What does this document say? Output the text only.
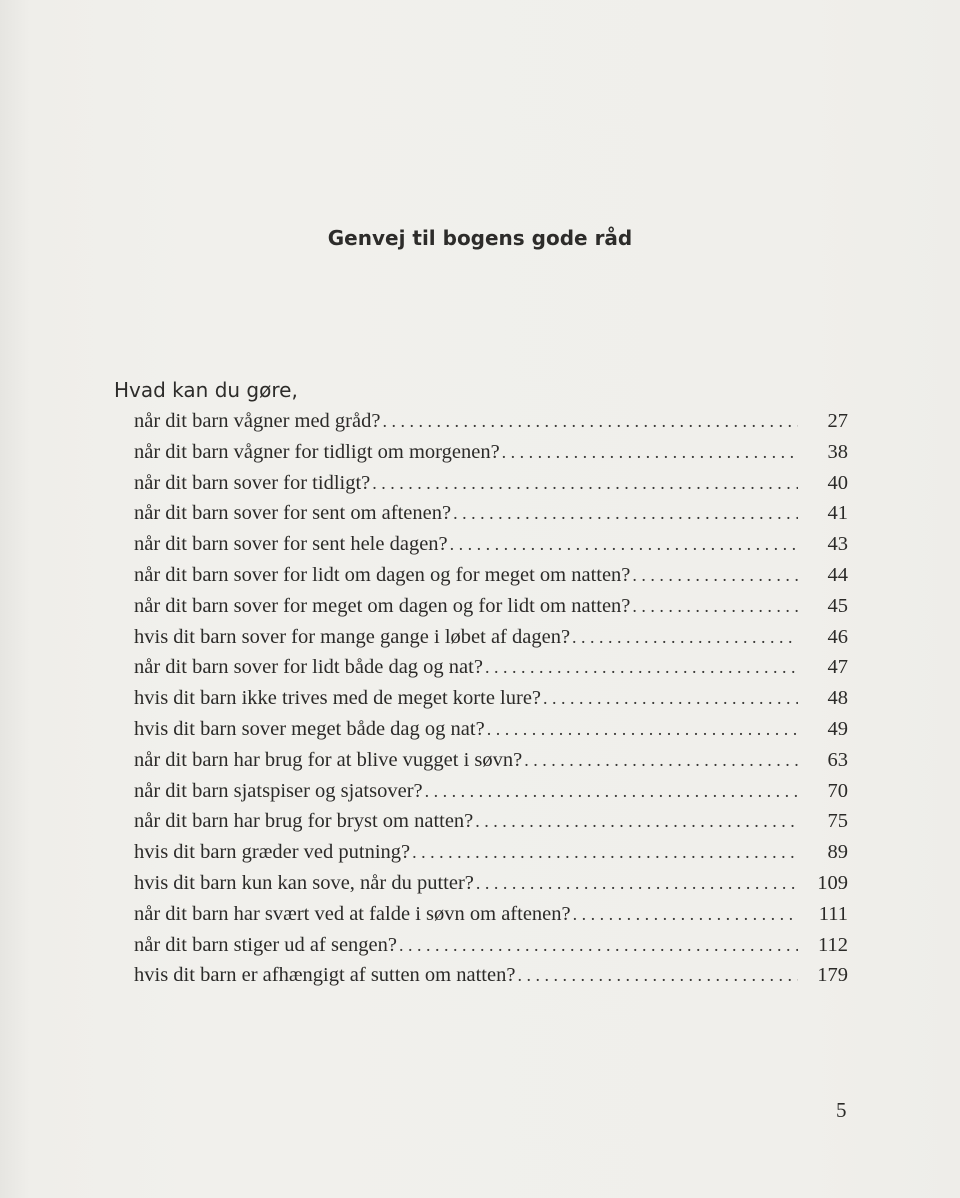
Genvej til bogens gode råd
Hvad kan du gøre,
når dit barn vågner med gråd? . . .	27
når dit barn vågner for tidligt om morgenen? . . .	38
når dit barn sover for tidligt? . . .	40
når dit barn sover for sent om aftenen? . . .	41
når dit barn sover for sent hele dagen? . . .	43
når dit barn sover for lidt om dagen og for meget om natten? . . .	44
når dit barn sover for meget om dagen og for lidt om natten? . . .	45
hvis dit barn sover for mange gange i løbet af dagen? . . .	46
når dit barn sover for lidt både dag og nat? . . .	47
hvis dit barn ikke trives med de meget korte lure? . . .	48
hvis dit barn sover meget både dag og nat? . . .	49
når dit barn har brug for at blive vugget i søvn? . . .	63
når dit barn sjatspiser og sjatsover? . . .	70
når dit barn har brug for bryst om natten? . . .	75
hvis dit barn græder ved putning? . . .	89
hvis dit barn kun kan sove, når du putter? . . .	109
når dit barn har svært ved at falde i søvn om aftenen? . . .	111
når dit barn stiger ud af sengen? . . .	112
hvis dit barn er afhængigt af sutten om natten? . . .	179
5
